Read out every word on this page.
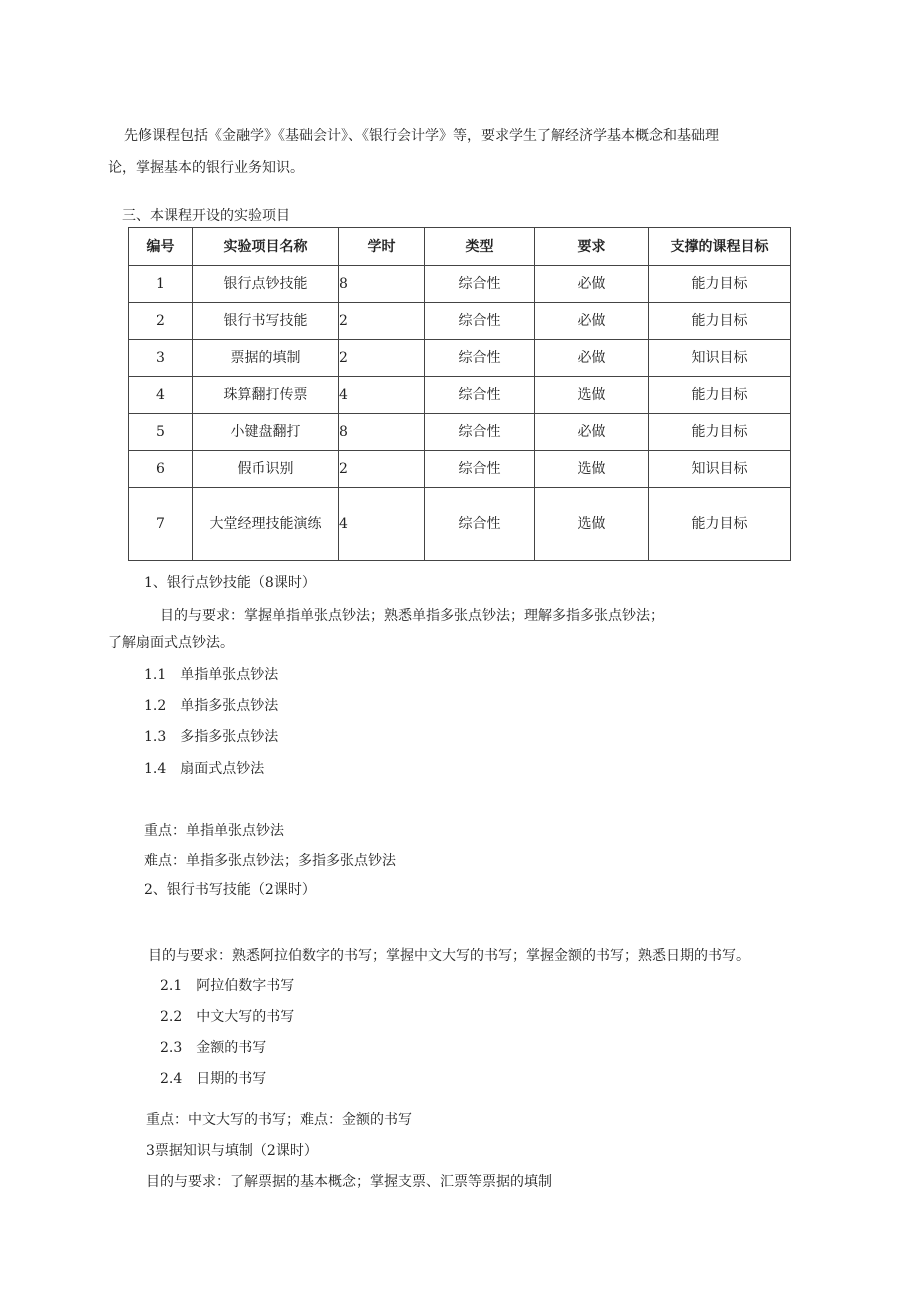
先修课程包括《金融学》《基础会计》、《银行会计学》等，要求学生了解经济学基本概念和基础理
论，掌握基本的银行业务知识。
三、本课程开设的实验项目
编号	实验项目名称	学时	类型	要求	支撑的课程目标
1	银行点钞技能	8	综合性	必做	能力目标
2	银行书写技能	2	综合性	必做	能力目标
3	票据的填制	2	综合性	必做	知识目标
4	珠算翻打传票	4	综合性	选做	能力目标
5	小键盘翻打	8	综合性	必做	能力目标
6	假币识别	2	综合性	选做	知识目标
7	大堂经理技能演练	4	综合性	选做	能力目标
1、银行点钞技能（8课时）
目的与要求：掌握单指单张点钞法；熟悉单指多张点钞法；理解多指多张点钞法；
了解扇面式点钞法。
1.1　单指单张点钞法
1.2　单指多张点钞法
1.3　多指多张点钞法
1.4　扇面式点钞法
重点：单指单张点钞法
难点：单指多张点钞法；多指多张点钞法
2、银行书写技能（2课时）
目的与要求：熟悉阿拉伯数字的书写；掌握中文大写的书写；掌握金额的书写；熟悉日期的书写。
2.1　阿拉伯数字书写
2.2　中文大写的书写
2.3　金额的书写
2.4　日期的书写
重点：中文大写的书写；难点：金额的书写
3票据知识与填制（2课时）
目的与要求：了解票据的基本概念；掌握支票、汇票等票据的填制
